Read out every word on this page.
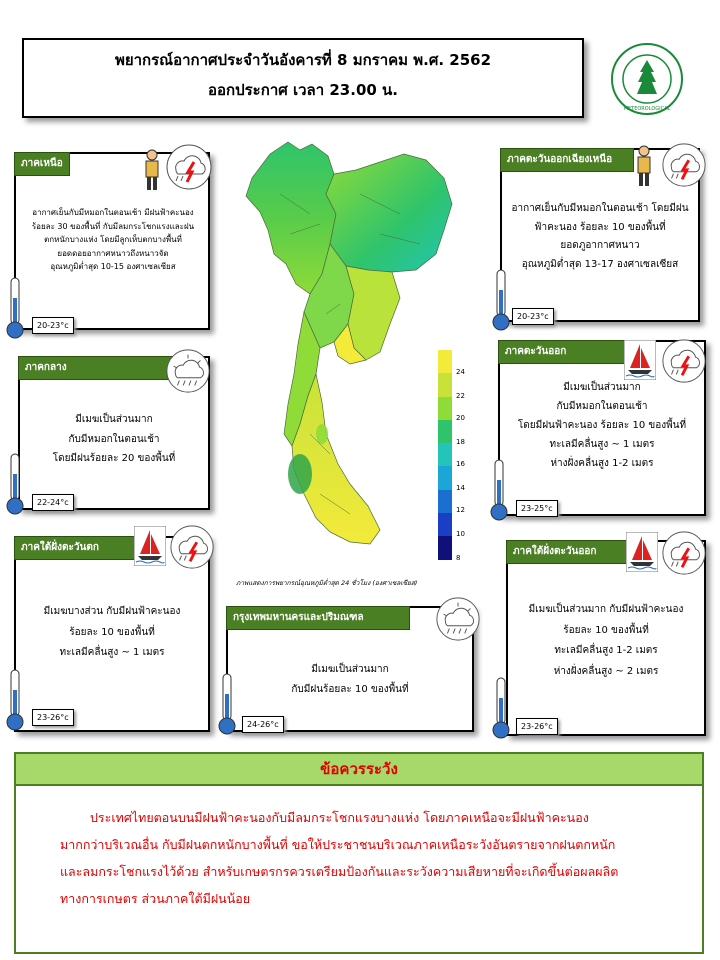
พยากรณ์อากาศประจำวันอังคารที่ 8 มกราคม พ.ศ. 2562
ออกประกาศ เวลา 23.00 น.
METEOROLOGICAL
ภาคเหนือ
อากาศเย็นกับมีหมอกในตอนเช้า มีฝนฟ้าคะนอง
ร้อยละ 30 ของพื้นที่ กับมีลมกระโชกแรงและฝน
ตกหนักบางแห่ง โดยมีลูกเห็บตกบางพื้นที่
ยอดดอยอากาศหนาวถึงหนาวจัด
อุณหภูมิต่ำสุด 10-15 องศาเซลเซียส
20-23°c
ภาคตะวันออกเฉียงเหนือ
อากาศเย็นกับมีหมอกในตอนเช้า โดยมีฝน
ฟ้าคะนอง ร้อยละ 10 ของพื้นที่
ยอดภูอากาศหนาว
อุณหภูมิต่ำสุด 13-17 องศาเซลเซียส
20-23°c
ภาคกลาง
มีเมฆเป็นส่วนมาก
กับมีหมอกในตอนเช้า
โดยมีฝนร้อยละ 20 ของพื้นที่
22-24°c
ภาคตะวันออก
มีเมฆเป็นส่วนมาก
กับมีหมอกในตอนเช้า
โดยมีฝนฟ้าคะนอง ร้อยละ 10 ของพื้นที่
ทะเลมีคลื่นสูง ~ 1 เมตร
ห่างฝั่งคลื่นสูง 1-2 เมตร
23-25°c
ภาคใต้ฝั่งตะวันตก
มีเมฆบางส่วน กับมีฝนฟ้าคะนอง
ร้อยละ 10 ของพื้นที่
ทะเลมีคลื่นสูง ~ 1 เมตร
23-26°c
กรุงเทพมหานครและปริมณฑล
มีเมฆเป็นส่วนมาก
กับมีฝนร้อยละ 10 ของพื้นที่
24-26°c
ภาคใต้ฝั่งตะวันออก
มีเมฆเป็นส่วนมาก กับมีฝนฟ้าคะนอง
ร้อยละ 10 ของพื้นที่
ทะเลมีคลื่นสูง 1-2 เมตร
ห่างฝั่งคลื่นสูง ~ 2 เมตร
23-26°c
24
22
20
18
16
14
12
10
8
ภาพแสดงการพยากรณ์อุณหภูมิต่ำสุด 24 ชั่วโมง (องศาเซลเซียส)
ข้อควรระวัง
ประเทศไทยตอนบนมีฝนฟ้าคะนองกับมีลมกระโชกแรงบางแห่ง โดยภาคเหนือจะมีฝนฟ้าคะนอง
มากกว่าบริเวณอื่น กับมีฝนตกหนักบางพื้นที่ ขอให้ประชาชนบริเวณภาคเหนือระวังอันตรายจากฝนตกหนัก
และลมกระโชกแรงไว้ด้วย สำหรับเกษตรกรควรเตรียมป้องกันและระวังความเสียหายที่จะเกิดขึ้นต่อผลผลิต
ทางการเกษตร ส่วนภาคใต้มีฝนน้อย
